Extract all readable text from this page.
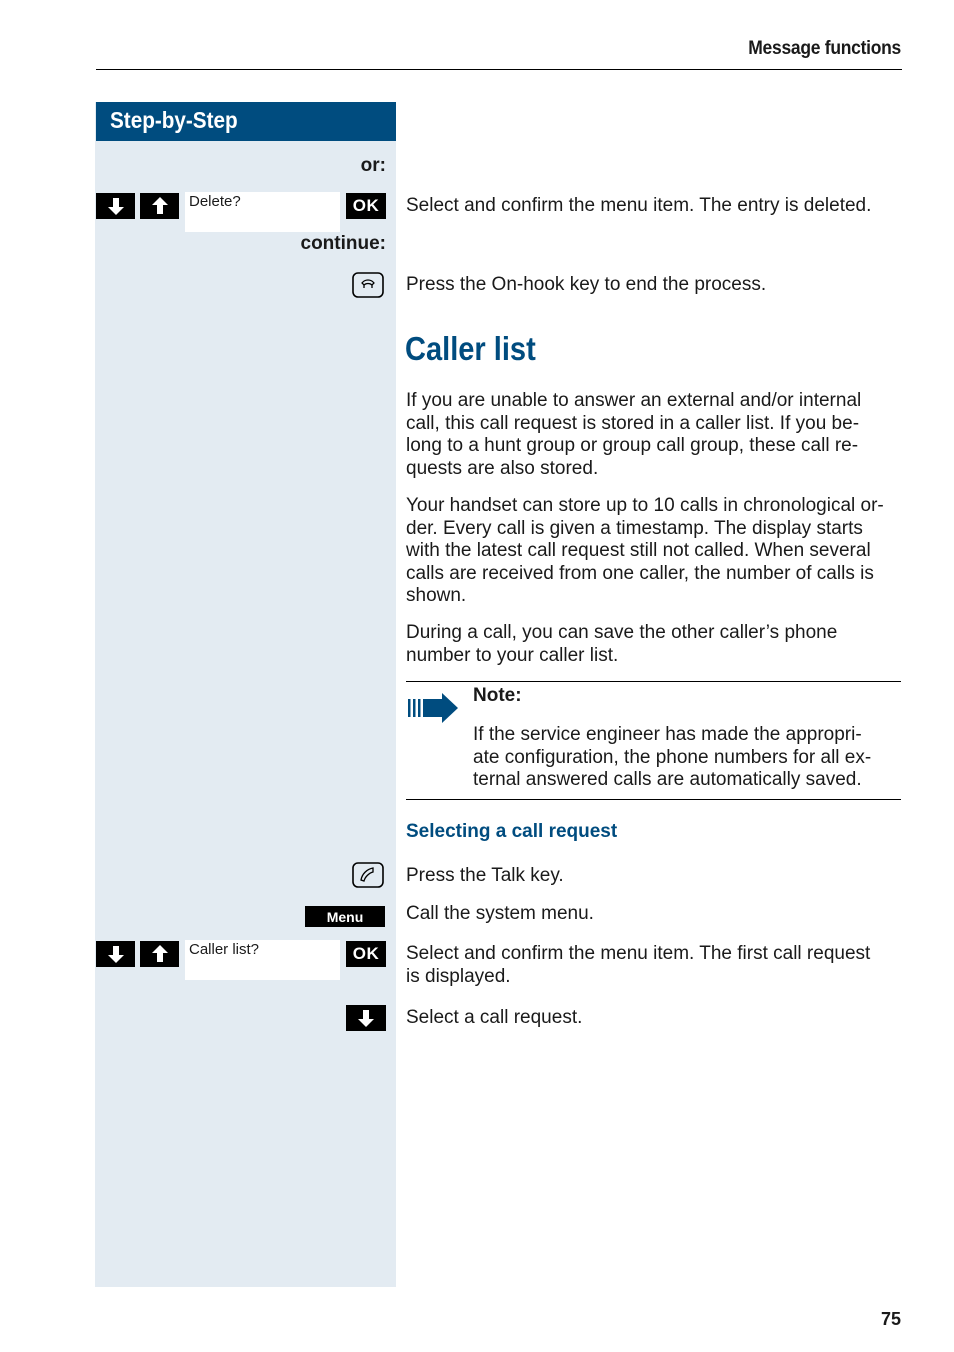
Message functions
Step-by-Step
or:
Delete?	OK	Select and confirm the menu item. The entry is deleted.
continue:
Press the On-hook key to end the process.
Caller list
If you are unable to answer an external and/or internal
call, this call request is stored in a caller list. If you be-
long to a hunt group or group call group, these call re-
quests are also stored.
Your handset can store up to 10 calls in chronological or-
der. Every call is given a timestamp. The display starts
with the latest call request still not called. When several
calls are received from one caller, the number of calls is
shown.
During a call, you can save the other caller’s phone
number to your caller list.
Note:
If the service engineer has made the appropri-
ate configuration, the phone numbers for all ex-
ternal answered calls are automatically saved.
Selecting a call request
Press the Talk key.
Menu	Call the system menu.
Caller list?	OK	Select and confirm the menu item. The first call request
is displayed.
Select a call request.
75
